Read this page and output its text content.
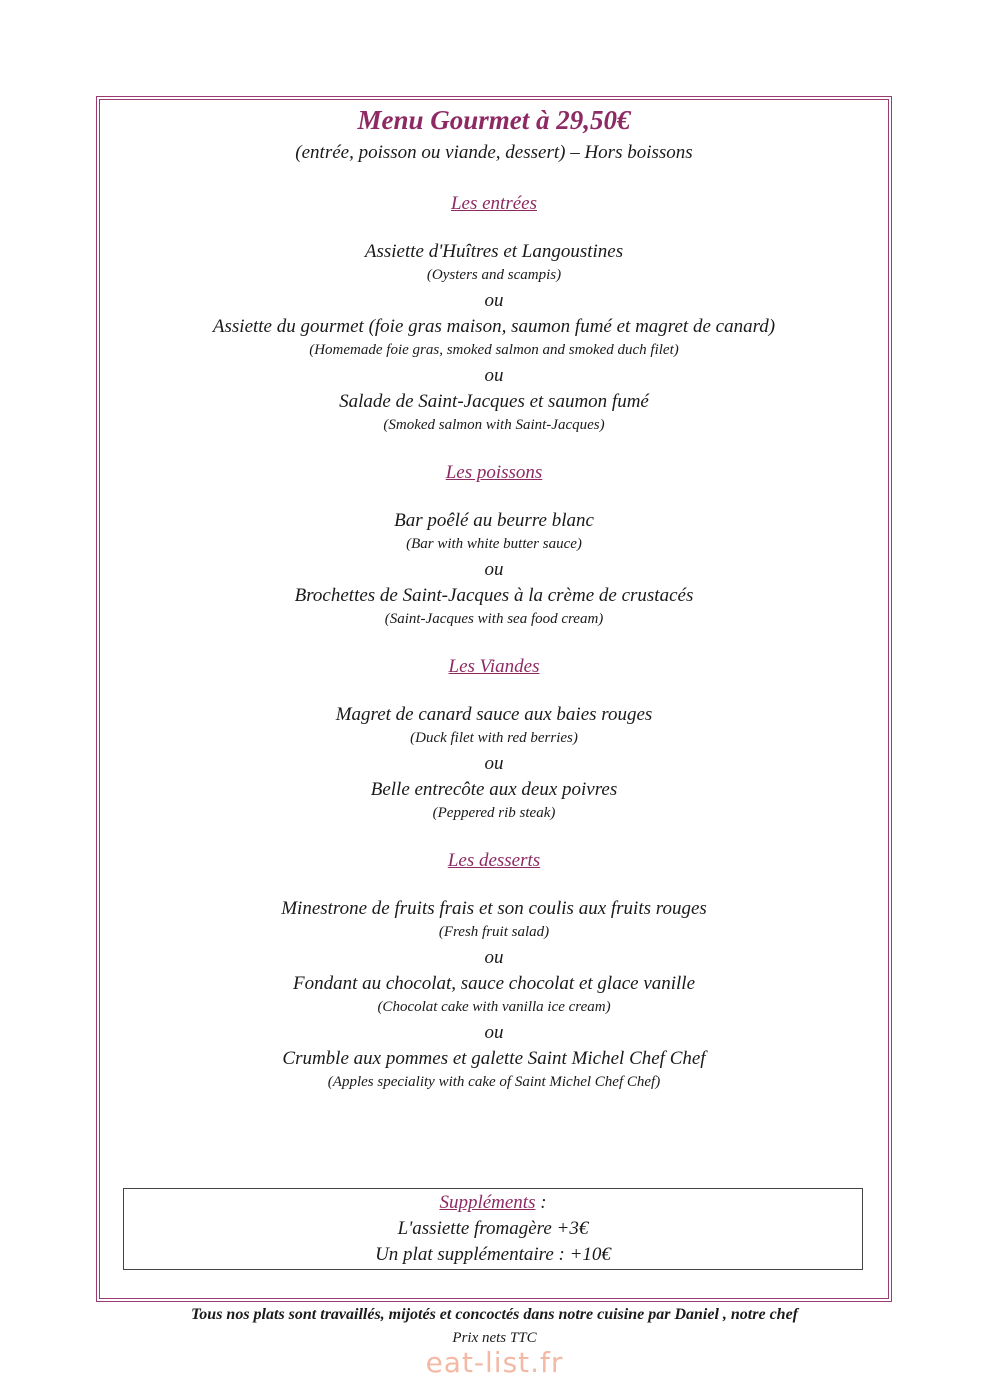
Menu Gourmet à 29,50€
(entrée, poisson ou viande, dessert) – Hors boissons
Les entrées
Assiette d'Huîtres et Langoustines
(Oysters and scampis)
ou
Assiette du gourmet (foie gras maison, saumon fumé et magret de canard)
(Homemade foie gras, smoked salmon and smoked duch filet)
ou
Salade de Saint-Jacques et saumon fumé
(Smoked salmon with Saint-Jacques)
Les poissons
Bar poêlé au beurre blanc
(Bar with white butter sauce)
ou
Brochettes de Saint-Jacques à la crème de crustacés
(Saint-Jacques with sea food cream)
Les Viandes
Magret de canard sauce aux baies rouges
(Duck filet with red berries)
ou
Belle entrecôte aux deux poivres
(Peppered rib steak)
Les desserts
Minestrone de fruits frais et son coulis aux fruits rouges
(Fresh fruit salad)
ou
Fondant au chocolat, sauce chocolat et glace vanille
(Chocolat cake with vanilla ice cream)
ou
Crumble aux pommes et galette Saint Michel Chef Chef
(Apples speciality with cake of Saint Michel Chef Chef)
Suppléments :
L'assiette fromagère +3€
Un plat supplémentaire : +10€
Tous nos plats sont travaillés, mijotés et concoctés dans notre cuisine par Daniel , notre chef
Prix nets TTC
eat-list.fr
